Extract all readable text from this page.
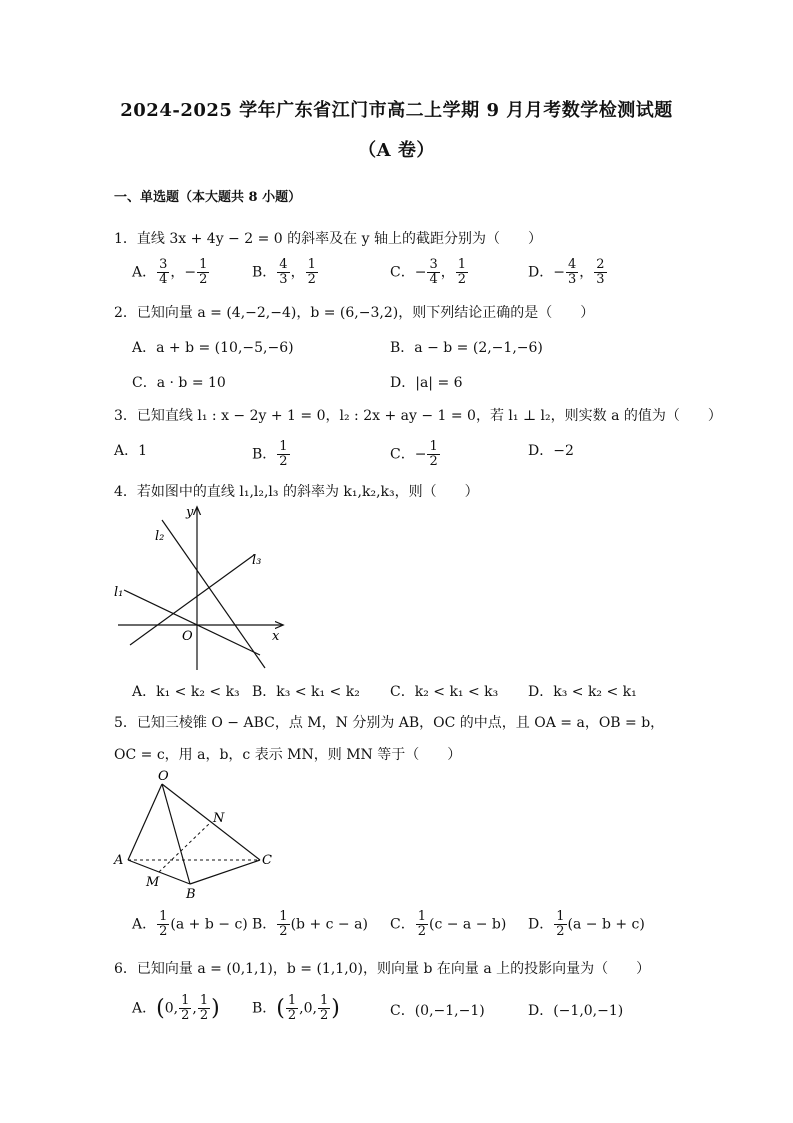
2024-2025 学年广东省江门市高二上学期 9 月月考数学检测试题
（A 卷）
一、单选题（本大题共 8 小题）
1．直线 3x + 4y − 2 = 0 的斜率及在 y 轴上的截距分别为（　　）
A． $\frac{3}{4}$ ，− $\frac{1}{2}$	B． $\frac{4}{3}$ ， $\frac{1}{2}$	C．− $\frac{3}{4}$ ， $\frac{1}{2}$	D．− $\frac{4}{3}$ ， $\frac{2}{3}$
2．已知向量 a = (4,−2,−4)，b = (6,−3,2)，则下列结论正确的是（　　）
A．a + b = (10,−5,−6)	B．a − b = (2,−1,−6)
C．a · b = 10	D．|a| = 6
3．已知直线 l₁ : x − 2y + 1 = 0，l₂ : 2x + ay − 1 = 0，若 l₁ ⊥ l₂，则实数 a 的值为（　　）
A．1	B． $\frac{1}{2}$	C．− $\frac{1}{2}$	D．−2
4．若如图中的直线 l₁,l₂,l₃ 的斜率为 k₁,k₂,k₃，则（　　）
y
x
O
l₁
l₂
l₃
A．k₁ < k₂ < k₃ B．k₃ < k₁ < k₂ C．k₂ < k₁ < k₃ D．k₃ < k₂ < k₁
5．已知三棱锥 O − ABC，点 M，N 分别为 AB，OC 的中点，且 OA = a，OB = b，
OC = c，用 a，b，c 表示 MN，则 MN 等于（　　）
O
A
B
C
M
N
A． $\frac{1}{2} (a + b - c)$ B． $\frac{1}{2} (b + c - a)$ C． $\frac{1}{2} (c - a - b)$ D． $\frac{1}{2} (a - b + c)$
6．已知向量 a = (0,1,1)，b = (1,1,0)，则向量 b 在向量 a 上的投影向量为（　　）
A．(0, $\frac{1}{2}$ , $\frac{1}{2}$ ) B．( $\frac{1}{2} ,0$, $\frac{1}{2}$ )	C．(0,−1,−1)	D．(−1,0,−1)
